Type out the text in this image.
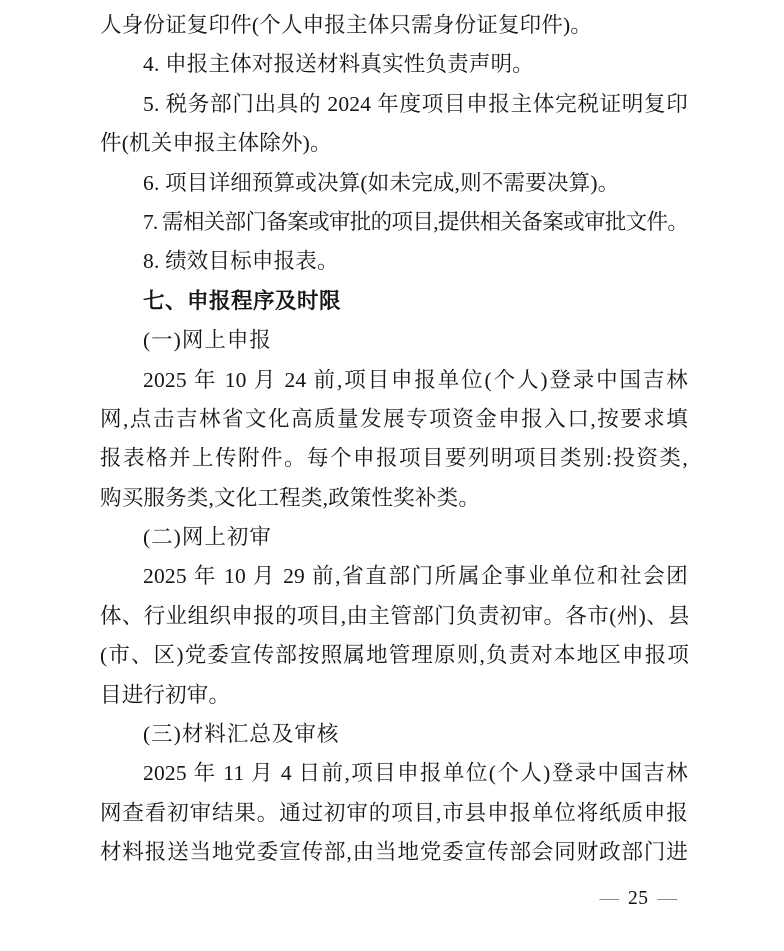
人身份证复印件(个人申报主体只需身份证复印件)。
4. 申报主体对报送材料真实性负责声明。
5. 税务部门出具的 2024 年度项目申报主体完税证明复印
件(机关申报主体除外)。
6. 项目详细预算或决算(如未完成,则不需要决算)。
7. 需相关部门备案或审批的项目,提供相关备案或审批文件。
8. 绩效目标申报表。
七、申报程序及时限
(一)网上申报
2025 年 10 月 24 前,项目申报单位(个人)登录中国吉林
网,点击吉林省文化高质量发展专项资金申报入口,按要求填
报表格并上传附件。每个申报项目要列明项目类别:投资类,
购买服务类,文化工程类,政策性奖补类。
(二)网上初审
2025 年 10 月 29 前,省直部门所属企事业单位和社会团
体、行业组织申报的项目,由主管部门负责初审。各市(州)、县
(市、区)党委宣传部按照属地管理原则,负责对本地区申报项
目进行初审。
(三)材料汇总及审核
2025 年 11 月 4 日前,项目申报单位(个人)登录中国吉林
网查看初审结果。通过初审的项目,市县申报单位将纸质申报
材料报送当地党委宣传部,由当地党委宣传部会同财政部门进
— 25 —
